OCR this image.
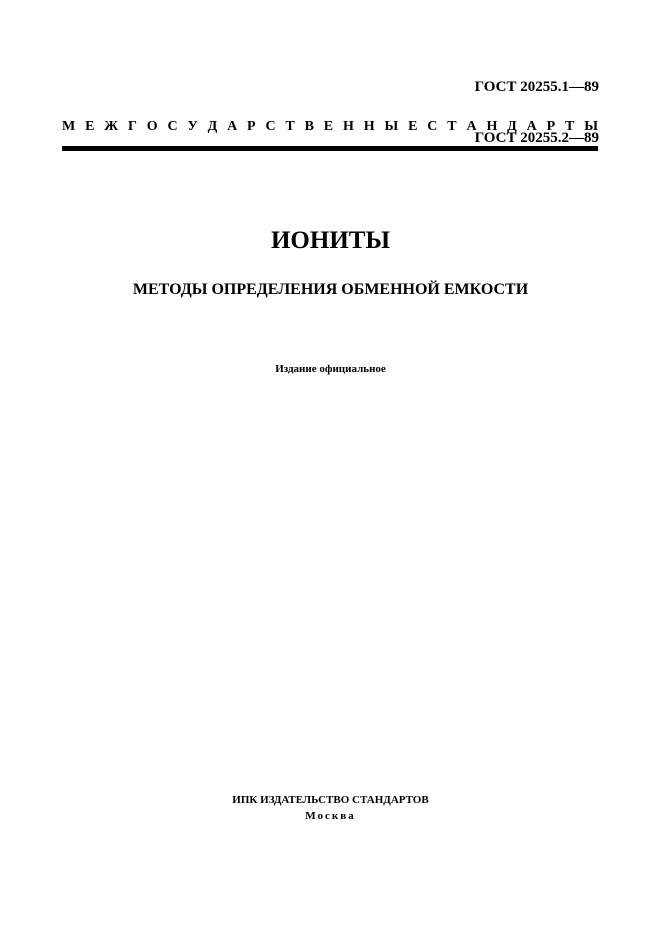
ГОСТ 20255.1—89

ГОСТ 20255.2—89

М Е Ж Г О С У Д А Р С Т В Е Н Н Ы Е С Т А Н Д А Р Т Ы
ИОНИТЫ
МЕТОДЫ ОПРЕДЕЛЕНИЯ ОБМЕННОЙ ЕМКОСТИ
Издание официальное
ИПК ИЗДАТЕЛЬСТВО СТАНДАРТОВ
Москва
